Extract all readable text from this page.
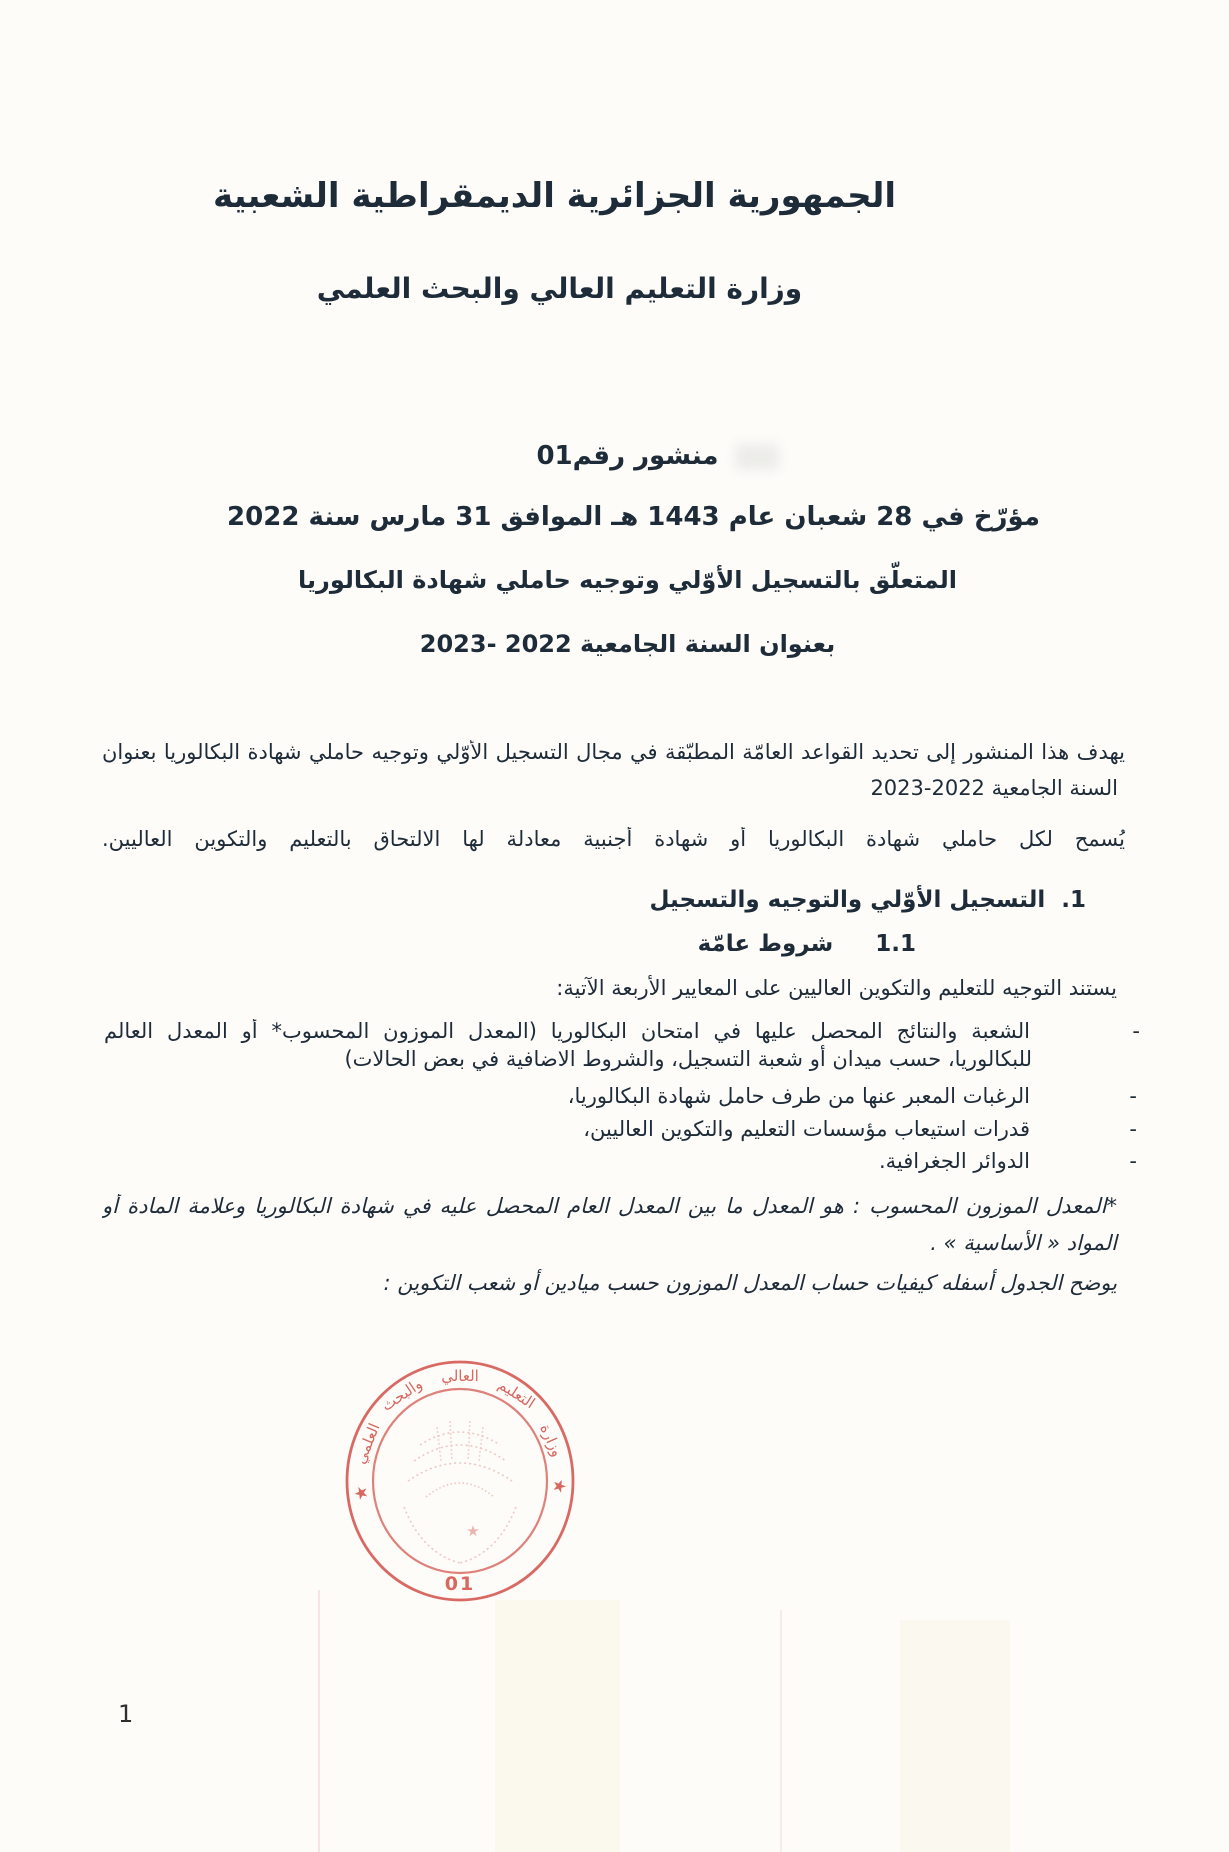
الجمهورية الجزائرية الديمقراطية الشعبية
وزارة التعليم العالي والبحث العلمي
منشور رقم01
مؤرّخ في 28 شعبان عام 1443 هـ الموافق 31 مارس سنة 2022
المتعلّق بالتسجيل الأوّلي وتوجيه حاملي شهادة البكالوريا
بعنوان السنة الجامعية 2022 -2023
يهدف هذا المنشور إلى تحديد القواعد العامّة المطبّقة في مجال التسجيل الأوّلي وتوجيه حاملي شهادة البكالوريا بعنوان
السنة الجامعية 2022‏-‏2023
يُسمح لكل حاملي شهادة البكالوريا أو شهادة أجنبية معادلة لها الالتحاق بالتعليم والتكوين العاليين.
1.  التسجيل الأوّلي والتوجيه والتسجيل
1.1  شروط عامّة
يستند التوجيه للتعليم والتكوين العاليين على المعايير الأربعة الآتية:
-
الشعبة والنتائج المحصل عليها في امتحان البكالوريا (المعدل الموزون المحسوب* أو المعدل العالم
للبكالوريا، حسب ميدان أو شعبة التسجيل، والشروط الاضافية في بعض الحالات)
-
الرغبات المعبر عنها من طرف حامل شهادة البكالوريا،
-
قدرات استيعاب مؤسسات التعليم والتكوين العاليين،
-
الدوائر الجغرافية.
*المعدل الموزون المحسوب : هو المعدل ما بين المعدل العام المحصل عليه في شهادة البكالوريا وعلامة المادة أو
المواد « الأساسية » .
يوضح الجدول أسفله كيفيات حساب المعدل الموزون حسب ميادين أو شعب التكوين :
★
وزارة
التعليم
العالي
والبحث
العلمي
★
★
01
1
